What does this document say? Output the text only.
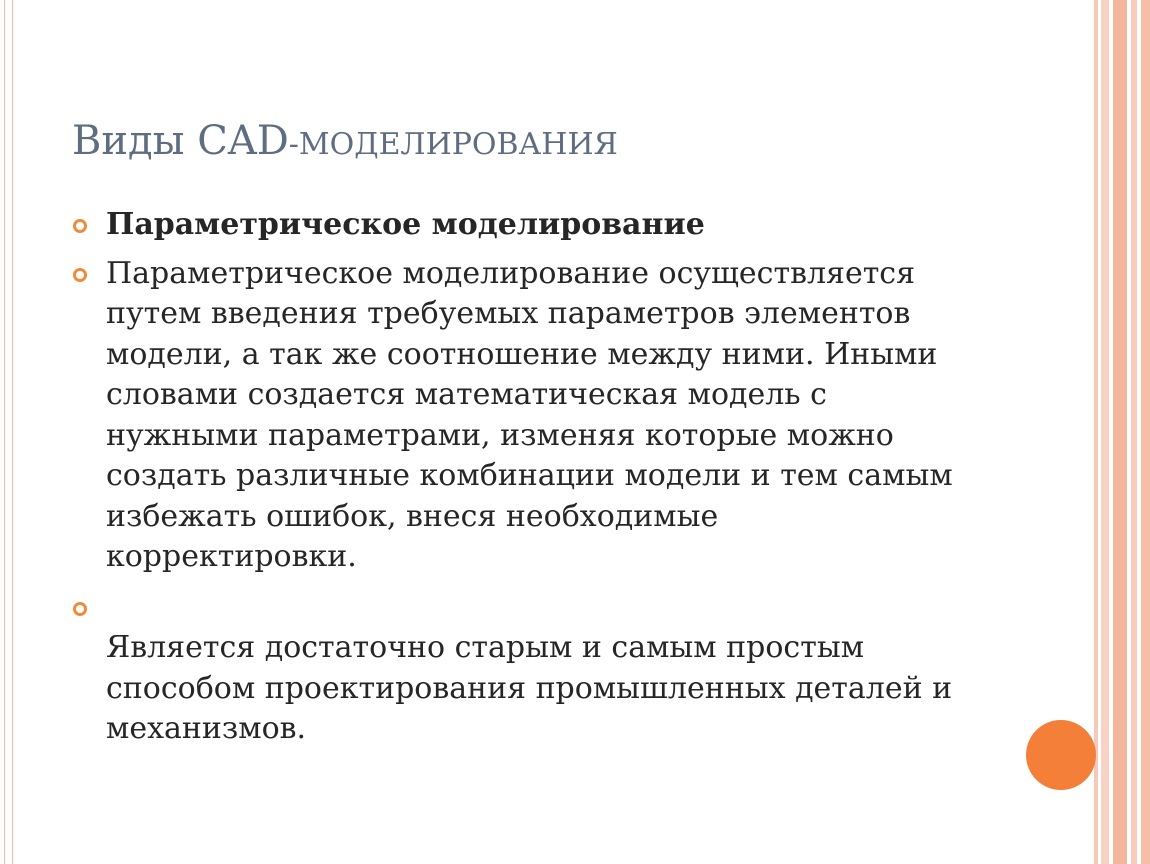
Виды CAD-МОДЕЛИРОВАНИЯ
Параметрическое моделирование
Параметрическое моделирование осуществляется путем введения требуемых параметров элементов модели, а так же соотношение между ними. Иными словами создается математическая модель с нужными параметрами, изменяя которые можно создать различные комбинации модели и тем самым избежать ошибок, внеся необходимые корректировки.
Является достаточно старым и самым простым способом проектирования промышленных деталей и механизмов.
